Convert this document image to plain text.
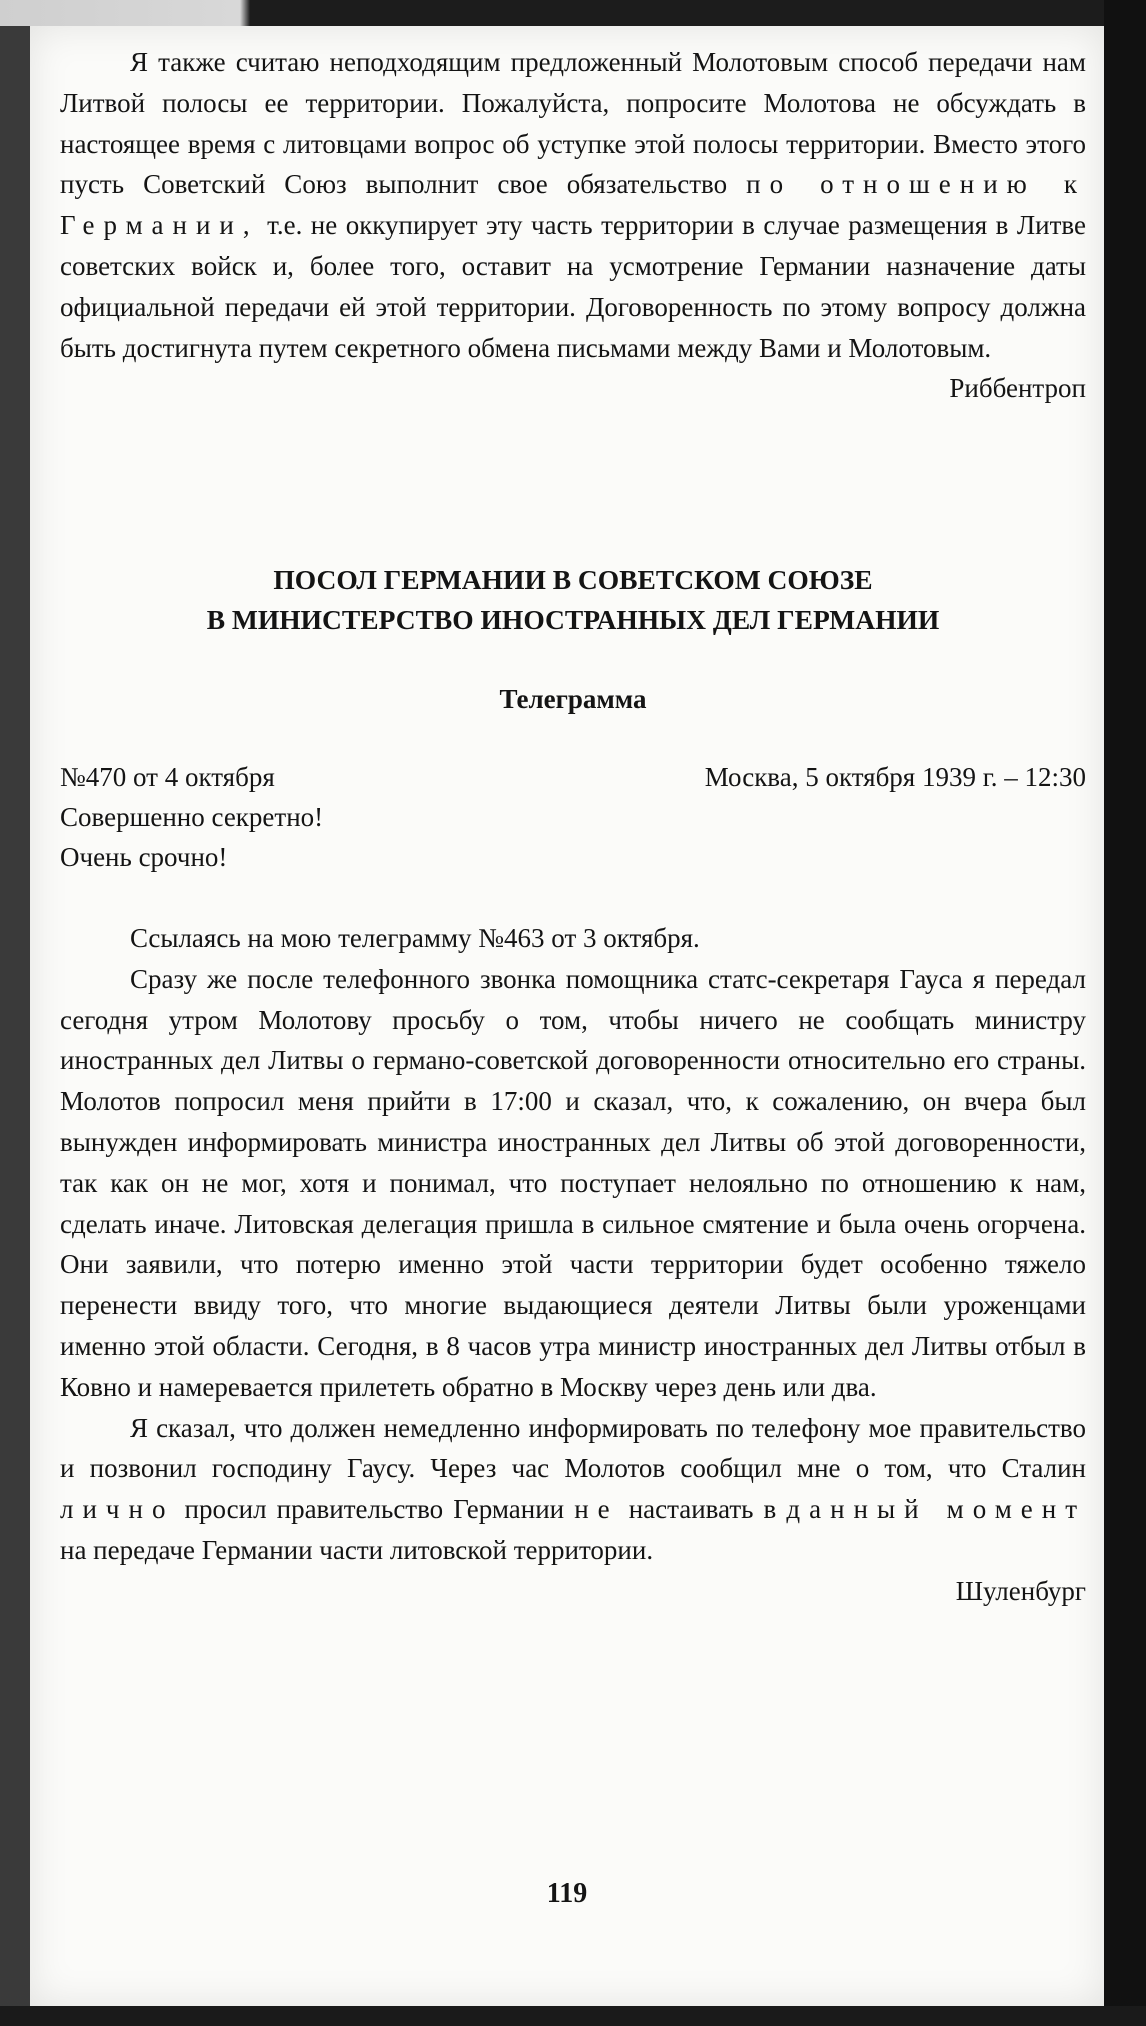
Я также считаю неподходящим предложенный Молотовым способ передачи нам Литвой полосы ее территории. Пожалуйста, попросите Молотова не обсуждать в настоящее время с литовцами вопрос об уступке этой полосы территории. Вместо этого пусть Советский Союз выполнит свое обязательство по отношению к Германии, т.е. не оккупирует эту часть территории в случае размещения в Литве советских войск и, более того, оставит на усмотрение Германии назначение даты официальной передачи ей этой территории. Договоренность по этому вопросу должна быть достигнута путем секретного обмена письмами между Вами и Молотовым.

Риббентроп

ПОСОЛ ГЕРМАНИИ В СОВЕТСКОМ СОЮЗЕ
В МИНИСТЕРСТВО ИНОСТРАННЫХ ДЕЛ ГЕРМАНИИ
Телеграмма
№470 от 4 октября	Москва, 5 октября 1939 г. – 12:30
Совершенно секретно!
Очень срочно!

Ссылаясь на мою телеграмму №463 от 3 октября.

Сразу же после телефонного звонка помощника статс-секретаря Гауса я передал сегодня утром Молотову просьбу о том, чтобы ничего не сообщать министру иностранных дел Литвы о германо-советской договоренности относительно его страны. Молотов попросил меня прийти в 17:00 и сказал, что, к сожалению, он вчера был вынужден информировать министра иностранных дел Литвы об этой договоренности, так как он не мог, хотя и понимал, что поступает нелояльно по отношению к нам, сделать иначе. Литовская делегация пришла в сильное смятение и была очень огорчена. Они заявили, что потерю именно этой части территории будет особенно тяжело перенести ввиду того, что многие выдающиеся деятели Литвы были уроженцами именно этой области. Сегодня, в 8 часов утра министр иностранных дел Литвы отбыл в Ковно и намеревается прилететь обратно в Москву через день или два.

Я сказал, что должен немедленно информировать по телефону мое правительство и позвонил господину Гаусу. Через час Молотов сообщил мне о том, что Сталин лично просил правительство Германии не настаивать в данный момент на передаче Германии части литовской территории.

Шуленбург

119
